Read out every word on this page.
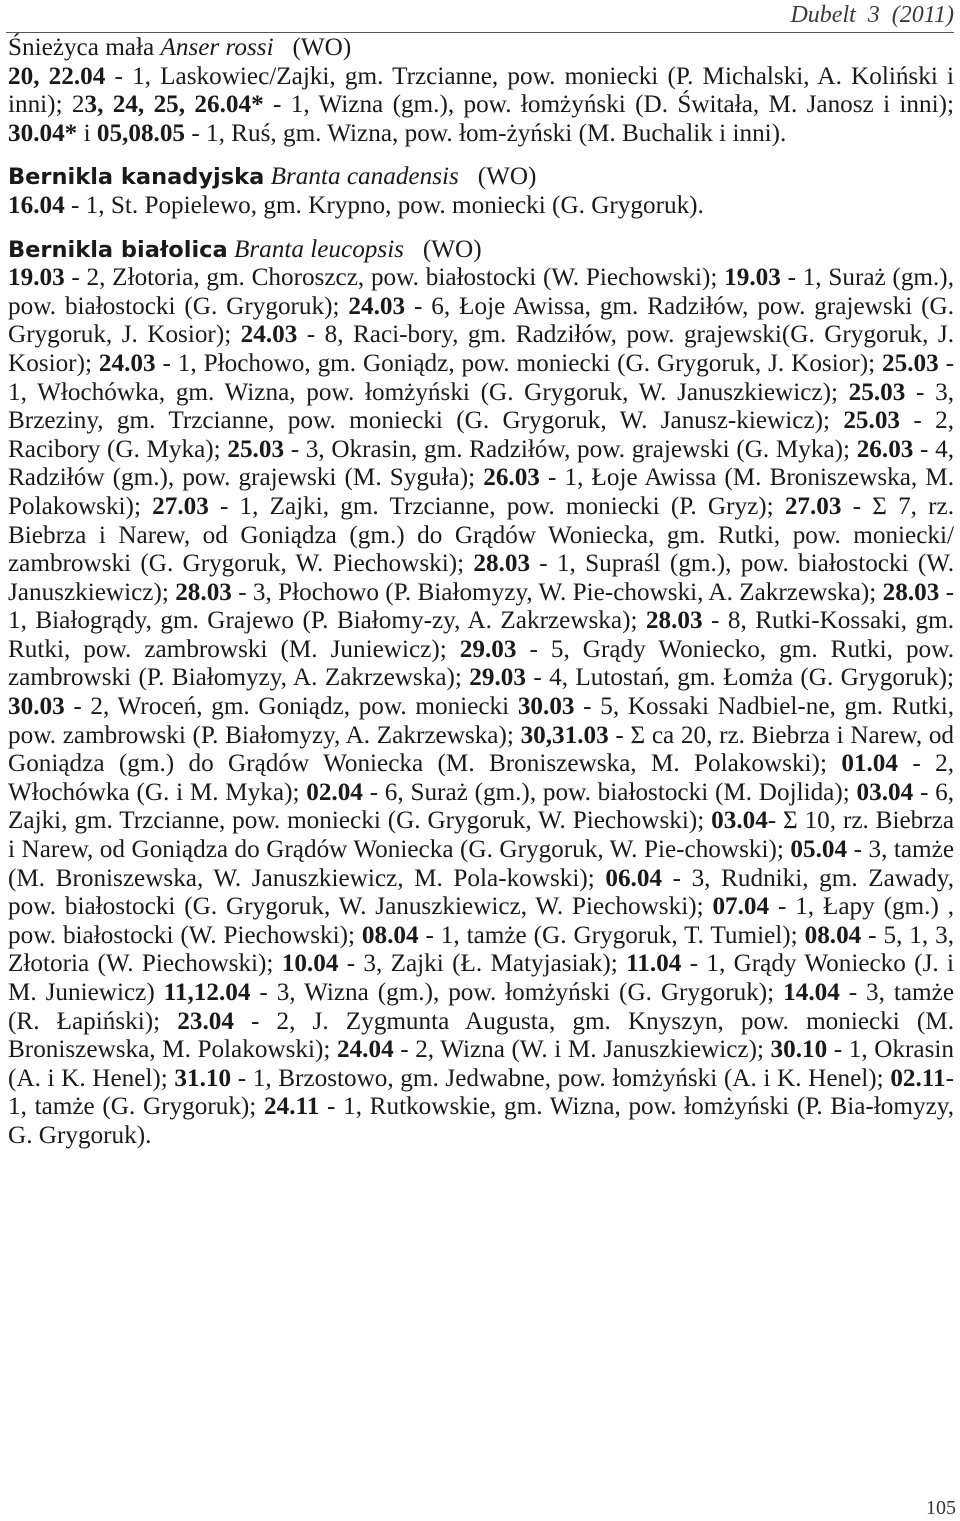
Dubelt 3 (2011)
Śnieżyca mała Anser rossi (WO)

20, 22.04 - 1, Laskowiec/Zajki, gm. Trzcianne, pow. moniecki (P. Michalski, A. Koliński i inni); 23, 24, 25, 26.04* - 1, Wizna (gm.), pow. łomżyński (D. Świtała, M. Janosz i inni); 30.04* i 05,08.05 - 1, Ruś, gm. Wizna, pow. łom-żyński (M. Buchalik i inni).

Bernikla kanadyjska Branta canadensis (WO)

16.04 - 1, St. Popielewo, gm. Krypno, pow. moniecki (G. Grygoruk).

Bernikla białolica Branta leucopsis (WO)

19.03 - 2, Złotoria, gm. Choroszcz, pow. białostocki (W. Piechowski); 19.03 - 1, Suraż (gm.), pow. białostocki (G. Grygoruk); 24.03 - 6, Łoje Awissa, gm. Radziłów, pow. grajewski (G. Grygoruk, J. Kosior); 24.03 - 8, Raci-bory, gm. Radziłów, pow. grajewski(G. Grygoruk, J. Kosior); 24.03 - 1, Płochowo, gm. Goniądz, pow. moniecki (G. Grygoruk, J. Kosior); 25.03 - 1, Włochówka, gm. Wizna, pow. łomżyński (G. Grygoruk, W. Januszkiewicz); 25.03 - 3, Brzeziny, gm. Trzcianne, pow. moniecki (G. Grygoruk, W. Janusz-kiewicz); 25.03 - 2, Racibory (G. Myka); 25.03 - 3, Okrasin, gm. Radziłów, pow. grajewski (G. Myka); 26.03 - 4, Radziłów (gm.), pow. grajewski (M. Syguła); 26.03 - 1, Łoje Awissa (M. Broniszewska, M. Polakowski); 27.03 - 1, Zajki, gm. Trzcianne, pow. moniecki (P. Gryz); 27.03 - Σ 7, rz. Biebrza i Narew, od Goniądza (gm.) do Grądów Woniecka, gm. Rutki, pow. moniecki/ zambrowski (G. Grygoruk, W. Piechowski); 28.03 - 1, Supraśl (gm.), pow. białostocki (W. Januszkiewicz); 28.03 - 3, Płochowo (P. Białomyzy, W. Pie-chowski, A. Zakrzewska); 28.03 - 1, Białogrądy, gm. Grajewo (P. Białomy-zy, A. Zakrzewska); 28.03 - 8, Rutki-Kossaki, gm. Rutki, pow. zambrowski (M. Juniewicz); 29.03 - 5, Grądy Woniecko, gm. Rutki, pow. zambrowski (P. Białomyzy, A. Zakrzewska); 29.03 - 4, Lutostań, gm. Łomża (G. Grygoruk); 30.03 - 2, Wroceń, gm. Goniądz, pow. moniecki 30.03 - 5, Kossaki Nadbiel-ne, gm. Rutki, pow. zambrowski (P. Białomyzy, A. Zakrzewska); 30,31.03 - Σ ca 20, rz. Biebrza i Narew, od Goniądza (gm.) do Grądów Woniecka (M. Broniszewska, M. Polakowski); 01.04 - 2, Włochówka (G. i M. Myka); 02.04 - 6, Suraż (gm.), pow. białostocki (M. Dojlida); 03.04 - 6, Zajki, gm. Trzcianne, pow. moniecki (G. Grygoruk, W. Piechowski); 03.04- Σ 10, rz. Biebrza i Narew, od Goniądza do Grądów Woniecka (G. Grygoruk, W. Pie-chowski); 05.04 - 3, tamże (M. Broniszewska, W. Januszkiewicz, M. Pola-kowski); 06.04 - 3, Rudniki, gm. Zawady, pow. białostocki (G. Grygoruk, W. Januszkiewicz, W. Piechowski); 07.04 - 1, Łapy (gm.) , pow. białostocki (W. Piechowski); 08.04 - 1, tamże (G. Grygoruk, T. Tumiel); 08.04 - 5, 1, 3, Złotoria (W. Piechowski); 10.04 - 3, Zajki (Ł. Matyjasiak); 11.04 - 1, Grądy Woniecko (J. i M. Juniewicz) 11,12.04 - 3, Wizna (gm.), pow. łomżyński (G. Grygoruk); 14.04 - 3, tamże (R. Łapiński); 23.04 - 2, J. Zygmunta Augusta, gm. Knyszyn, pow. moniecki (M. Broniszewska, M. Polakowski); 24.04 - 2, Wizna (W. i M. Januszkiewicz); 30.10 - 1, Okrasin (A. i K. Henel); 31.10 - 1, Brzostowo, gm. Jedwabne, pow. łomżyński (A. i K. Henel); 02.11- 1, tamże (G. Grygoruk); 24.11 - 1, Rutkowskie, gm. Wizna, pow. łomżyński (P. Bia-łomyzy, G. Grygoruk).

105
